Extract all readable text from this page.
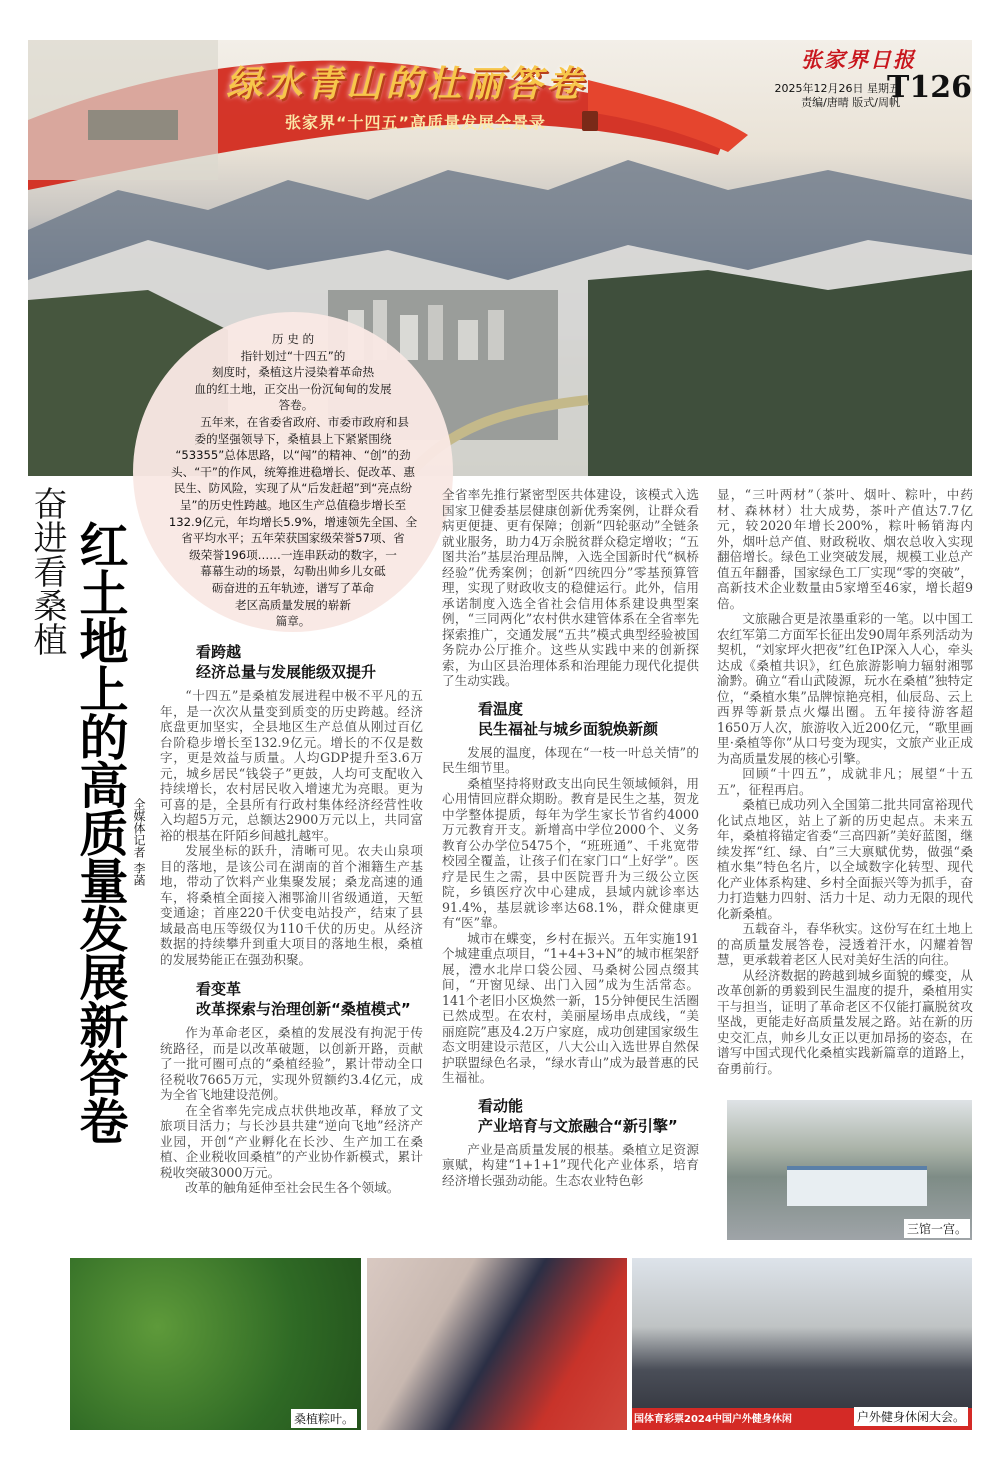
张家界日报
2025年12月26日 星期五
责编/唐晴 版式/周帆
T126
绿水青山的壮丽答卷
张家界“十四五”高质量发展全景录
历 史 的
指针划过“十四五”的
刻度时，桑植这片浸染着革命热
血的红土地，正交出一份沉甸甸的发展
答卷。　　　　　　　　　　　　　　　　
　　五年来，在省委省政府、市委市政府和县
委的坚强领导下，桑植县上下紧紧围绕
“53355”总体思路，以“闯”的精神、“创”的劲
头、“干”的作风，统筹推进稳增长、促改革、惠
民生、防风险，实现了从“后发赶超”到“亮点纷
呈”的历史性跨越。地区生产总值稳步增长至
132.9亿元，年均增长5.9%，增速领先全国、全
省平均水平；五年荣获国家级荣誉57项、省
级荣誉196项……一连串跃动的数字，一
幕幕生动的场景，勾勒出帅乡儿女砥
砺奋进的五年轨迹，谱写了革命
老区高质量发展的崭新
篇章。
奋进看桑植 红土地上的高质量发展新答卷 全媒体记者 李菡
看跨越
经济总量与发展能级双提升

“十四五”是桑植发展进程中极不平凡的五年，是一次次从量变到质变的历史跨越。经济底盘更加坚实，全县地区生产总值从刚过百亿台阶稳步增长至132.9亿元。增长的不仅是数字，更是效益与质量。人均GDP提升至3.6万元，城乡居民“钱袋子”更鼓，人均可支配收入持续增长，农村居民收入增速尤为亮眼。更为可喜的是，全县所有行政村集体经济经营性收入均超5万元，总额达2900万元以上，共同富裕的根基在阡陌乡间越扎越牢。

发展坐标的跃升，清晰可见。农夫山泉项目的落地，是该公司在湖南的首个湘籍生产基地，带动了饮料产业集聚发展；桑龙高速的通车，将桑植全面接入湘鄂渝川省级通道，天堑变通途；首座220千伏变电站投产，结束了县域最高电压等级仅为110千伏的历史。从经济数据的持续攀升到重大项目的落地生根，桑植的发展势能正在强劲积聚。

看变革
改革探索与治理创新“桑植模式”

作为革命老区，桑植的发展没有拘泥于传统路径，而是以改革破题，以创新开路，贡献了一批可圈可点的“桑植经验”，累计带动全口径税收7665万元，实现外贸额约3.4亿元，成为全省飞地建设范例。

在全省率先完成点状供地改革，释放了文旅项目活力；与长沙县共建“逆向飞地”经济产业园，开创“产业孵化在长沙、生产加工在桑植、企业税收回桑植”的产业协作新模式，累计税收突破3000万元。

改革的触角延伸至社会民生各个领域。

全省率先推行紧密型医共体建设，该模式入选国家卫健委基层健康创新优秀案例，让群众看病更便捷、更有保障；创新“四轮驱动”全链条就业服务，助力4万余脱贫群众稳定增收；“五图共治”基层治理品牌，入选全国新时代“枫桥经验”优秀案例；创新“四统四分”零基预算管理，实现了财政收支的稳健运行。此外，信用承诺制度入选全省社会信用体系建设典型案例，“三同两化”农村供水建管体系在全省率先探索推广，交通发展“五共”模式典型经验被国务院办公厅推介。这些从实践中来的创新探索，为山区县治理体系和治理能力现代化提供了生动实践。

看温度
民生福祉与城乡面貌焕新颜

发展的温度，体现在“一枝一叶总关情”的民生细节里。

桑植坚持将财政支出向民生领域倾斜，用心用情回应群众期盼。教育是民生之基，贺龙中学整体提质，每年为学生家长节省约4000万元教育开支。新增高中学位2000个、义务教育公办学位5475个，“班班通”、千兆宽带校园全覆盖，让孩子们在家门口“上好学”。医疗是民生之需，县中医院晋升为三级公立医院，乡镇医疗次中心建成，县域内就诊率达91.4%，基层就诊率达68.1%，群众健康更有“医”靠。

城市在蝶变，乡村在振兴。五年实施191个城建重点项目，“1+4+3+N”的城市框架舒展，澧水北岸口袋公园、马桑树公园点缀其间，“开窗见绿、出门入园”成为生活常态。141个老旧小区焕然一新，15分钟便民生活圈已然成型。在农村，美丽屋场串点成线，“美丽庭院”惠及4.2万户家庭，成功创建国家级生态文明建设示范区，八大公山入选世界自然保护联盟绿色名录，“绿水青山”成为最普惠的民生福祉。

看动能
产业培育与文旅融合“新引擎”

产业是高质量发展的根基。桑植立足资源禀赋，构建“1+1+1”现代化产业体系，培育经济增长强劲动能。生态农业特色彰

显，“三叶两材”（茶叶、烟叶、粽叶，中药材、森林材）壮大成势，茶叶产值达7.7亿元，较2020年增长200%，粽叶畅销海内外，烟叶总产值、财政税收、烟农总收入实现翻倍增长。绿色工业突破发展，规模工业总产值五年翻番，国家绿色工厂实现“零的突破”，高新技术企业数量由5家增至46家，增长超9倍。

文旅融合更是浓墨重彩的一笔。以中国工农红军第二方面军长征出发90周年系列活动为契机，“刘家坪火把夜”红色IP深入人心，牵头达成《桑植共识》，红色旅游影响力辐射湘鄂渝黔。确立“看山武陵源，玩水在桑植”独特定位，“桑植水集”品牌惊艳亮相，仙辰岛、云上西界等新景点火爆出圈。五年接待游客超1650万人次，旅游收入近200亿元，“歌里画里·桑植等你”从口号变为现实，文旅产业正成为高质量发展的核心引擎。

回顾“十四五”，成就非凡；展望“十五五”，征程再启。

桑植已成功列入全国第二批共同富裕现代化试点地区，站上了新的历史起点。未来五年，桑植将锚定省委“三高四新”美好蓝图，继续发挥“红、绿、白”三大禀赋优势，做强“桑植水集”特色名片，以全域数字化转型、现代化产业体系构建、乡村全面振兴等为抓手，奋力打造魅力四射、活力十足、动力无限的现代化新桑植。

五载奋斗，春华秋实。这份写在红土地上的高质量发展答卷，浸透着汗水，闪耀着智慧，更承载着老区人民对美好生活的向往。

从经济数据的跨越到城乡面貌的蝶变，从改革创新的勇毅到民生温度的提升，桑植用实干与担当，证明了革命老区不仅能打赢脱贫攻坚战，更能走好高质量发展之路。站在新的历史交汇点，帅乡儿女正以更加昂扬的姿态，在谱写中国式现代化桑植实践新篇章的道路上，奋勇前行。

三馆一宫。
桑植粽叶。	国体育彩票2024中国户外健身休闲	户外健身休闲大会。
